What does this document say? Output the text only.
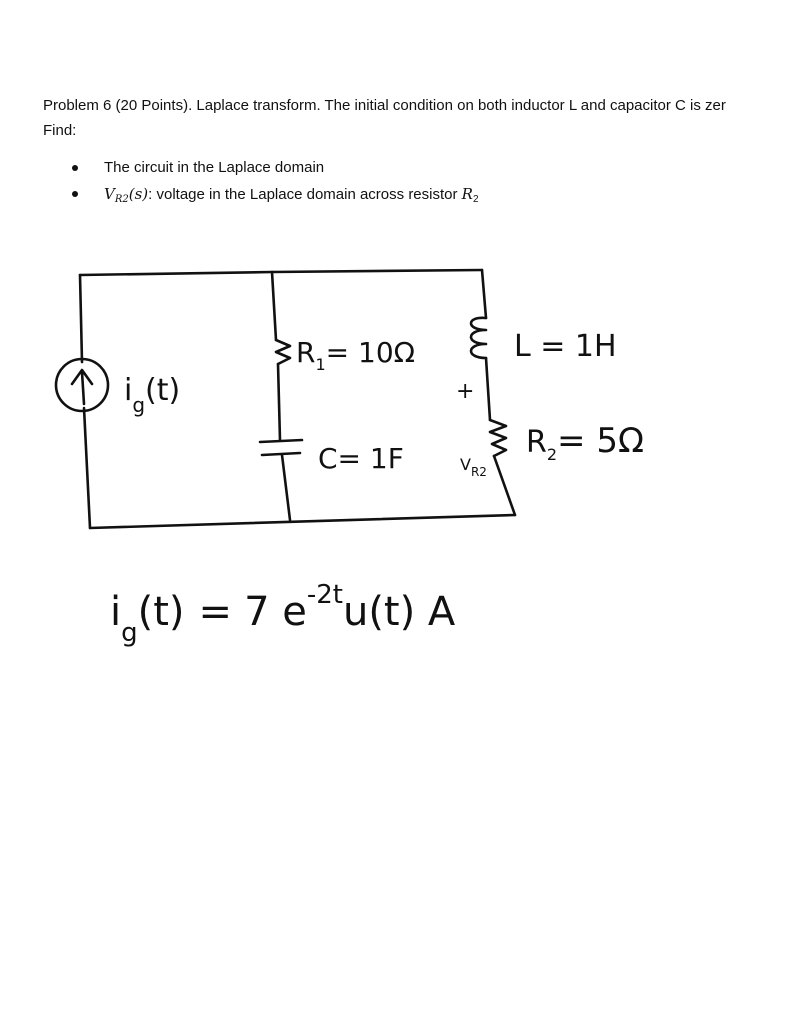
Problem 6 (20 Points). Laplace transform. The initial condition on both inductor L and capacitor C is zer
Find:
The circuit in the Laplace domain
$V_{R2}(s)$: voltage in the Laplace domain across resistor $R_2$
$i_g(t)$
$R_1= 10\Omega$	L = 1H
+
C= 1F	$V_{R2}$
$R_2= 5\Omega$
$i_g(t) = 7$ $e^{-2t}u(t)$ A
